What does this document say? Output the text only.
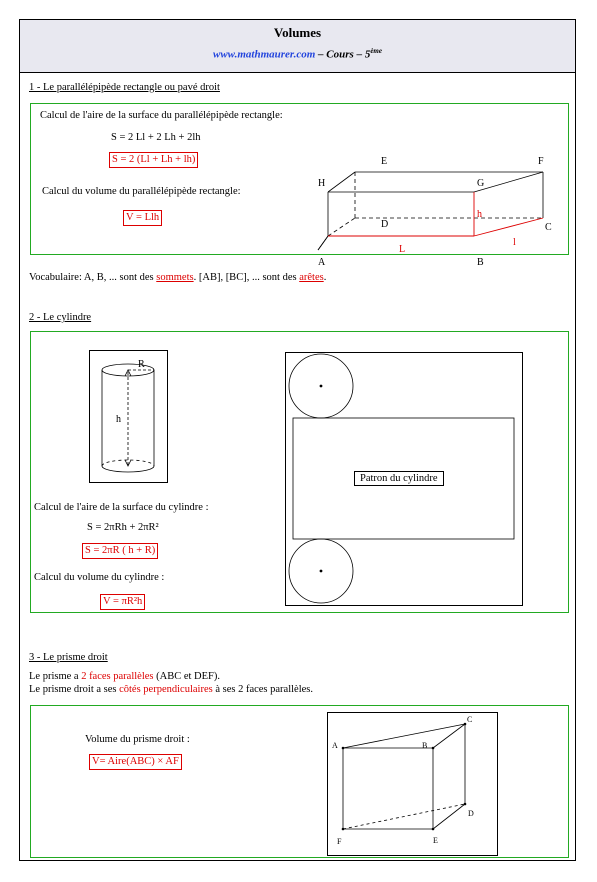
Volumes
www.mathmaurer.com – Cours – 5ème
1 - Le parallélépipède rectangle ou pavé droit
Calcul de l'aire de la surface du parallélépipède rectangle:
S = 2 Ll + 2 Lh + 2lh
S = 2 (Ll + Lh + lh)
Calcul du volume du parallélépipède rectangle:
V = Llh
A	B
C
D
E	F
G
H
L
l
h
Vocabulaire: A, B, ... sont des sommets. [AB], [BC], ... sont des arêtes.
2 - Le cylindre
R
h
Patron du cylindre
Calcul de l'aire de la surface du cylindre :
S = 2πRh + 2πR²
S = 2πR ( h + R)
Calcul du volume du cylindre :
V = πR²h
3 - Le prisme droit
Le prisme a 2 faces parallèles (ABC et DEF).
Le prisme droit a ses côtés perpendiculaires à ses 2 faces parallèles.
Volume du prisme droit :
V= Aire(ABC) × AF
A	B
C
D
E
F
